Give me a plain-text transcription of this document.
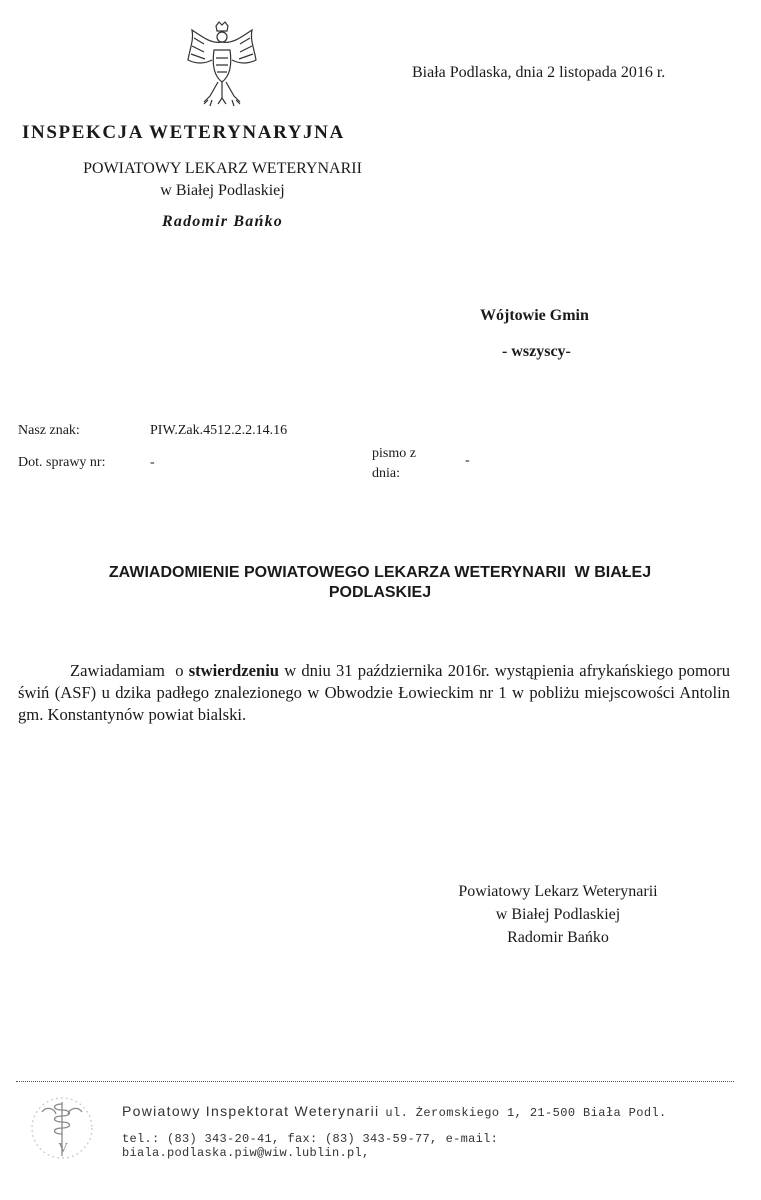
Biała Podlaska, dnia 2 listopada 2016 r.
INSPEKCJA WETERYNARYJNA
POWIATOWY LEKARZ WETERYNARII
w Białej Podlaskiej
Radomir Bańko
Wójtowie Gmin
- wszyscy-
Nasz znak:	PIW.Zak.4512.2.2.14.16
Dot. sprawy nr:	-
pismo z dnia:
-
ZAWIADOMIENIE POWIATOWEGO LEKARZA WETERYNARII  W BIAŁEJ
PODLASKIEJ
Zawiadamiam  o stwierdzeniu w dniu 31 października 2016r. wystąpienia afrykańskiego pomoru świń (ASF) u dzika padłego znalezionego w Obwodzie Łowieckim nr 1 w pobliżu miejscowości Antolin gm. Konstantynów powiat bialski.
Powiatowy Lekarz Weterynarii
w Białej Podlaskiej
Radomir Bańko
V
Powiatowy Inspektorat Weterynarii ul. Żeromskiego 1, 21-500 Biała Podl.
tel.: (83) 343-20-41, fax: (83) 343-59-77, e-mail: biala.podlaska.piw@wiw.lublin.pl,
